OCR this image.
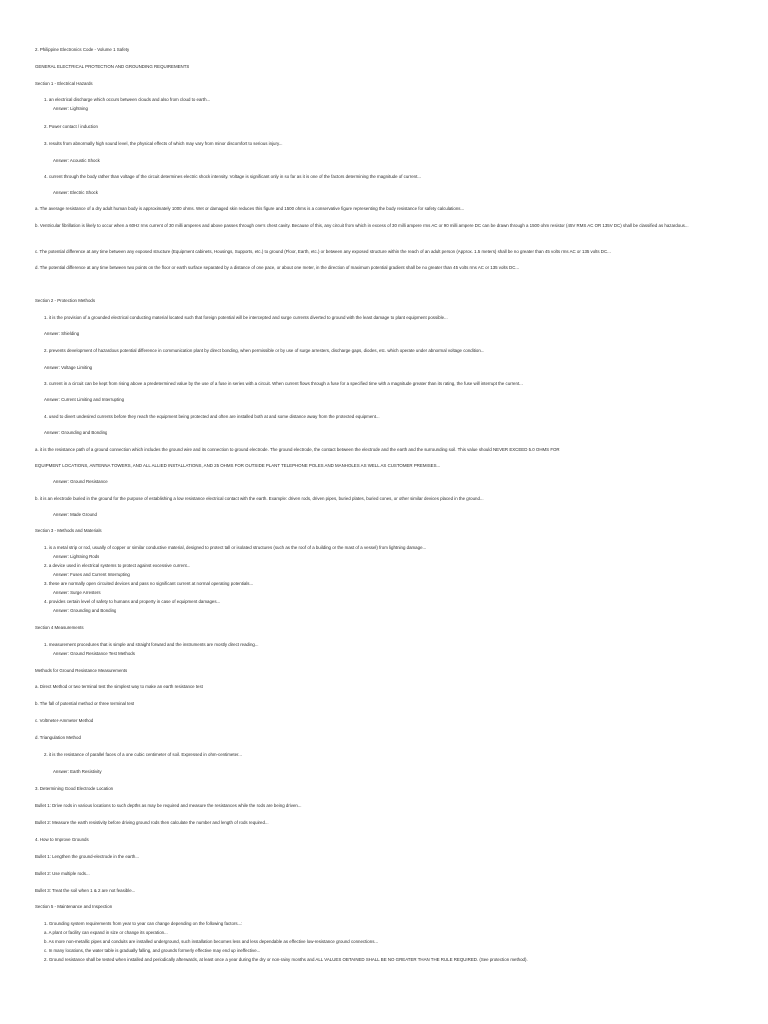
2. Philippine Electronics Code - Volume 1 Safety
GENERAL ELECTRICAL PROTECTION AND GROUNDING REQUIREMENTS
Section 1 - Electrical Hazards
1. an electrical discharge which occurs between clouds and also from cloud to earth...
Answer: Lightning
2. Power contact / induction
3. results from abnormally high sound level, the physical effects of which may vary from minor discomfort to serious injury...
Answer: Acoustic Shock
4. current through the body rather than voltage of the circuit determines electric shock intensity. Voltage is significant only in so far as it is one of the factors determining the magnitude of current...
Answer: Electric Shock
a. The average resistance of a dry adult human body is approximately 1000 ohms. Wet or damaged skin reduces this figure and 1500 ohms is a conservative figure representing the body resistance for safety calculations...
b. Ventricular fibrillation is likely to occur when a 60Hz rms current of 30 milli amperes and above passes through one's chest cavity. Because of this, any circuit from which in excess of 30 milli ampere rms AC or 90 milli ampere DC can be drawn through a 1500 ohm resistor (45V RMS AC OR 135V DC) shall be classified as hazardous...
c. The potential difference at any time between any exposed structure (Equipment cabinets, Housings, Supports, etc.) to ground (Floor, Earth, etc.) or between any exposed structure within the reach of an adult person (Approx. 1.5 meters) shall be no greater than 45 volts rms AC or 135 volts DC...
d. The potential difference at any time between two points on the floor or earth surface separated by a distance of one pace, or about one meter, in the direction of maximum potential gradient shall be no greater than 45 volts rms AC or 135 volts DC...
Section 2 - Protection Methods
1. it is the provision of a grounded electrical conducting material located such that foreign potential will be intercepted and surge currents diverted to ground with the least damage to plant equipment possible...
Answer: Shielding
2. prevents development of hazardous potential difference in communication plant by direct bonding, when permissible or by use of surge arresters, discharge gaps, diodes, etc. which operate under abnormal voltage condition...
Answer: Voltage Limiting
3. current in a circuit can be kept from rising above a predetermined value by the use of a fuse in series with a circuit. When current flows through a fuse for a specified time with a magnitude greater than its rating, the fuse will interrupt the current...
Answer: Current Limiting and Interrupting
4. used to divert undesired currents before they reach the equipment being protected and often are installed both at and some distance away from the protected equipment...
Answer: Grounding and Bonding
a. it is the resistance path of a ground connection which includes the ground wire and its connection to ground electrode. The ground electrode, the contact between the electrode and the earth and the surrounding soil. This value should NEVER EXCEED 5.0 OHMS FOR
EQUIPMENT LOCATIONS, ANTENNA TOWERS, AND ALL ALLIED INSTALLATIONS, AND 25 OHMS FOR OUTSIDE PLANT TELEPHONE POLES AND MANHOLES AS WELL AS CUSTOMER PREMISES...
Answer: Ground Resistance
b. it is an electrode buried in the ground for the purpose of establishing a low resistance electrical contact with the earth. Example: driven rods, driven pipes, buried plates, buried cones, or other similar devices placed in the ground...
Answer: Made Ground
Section 3 - Methods and Materials
1. is a metal strip or rod, usually of copper or similar conductive material, designed to protect tall or isolated structures (such as the roof of a building or the mast of a vessel) from lightning damage...
Answer: Lightning Rods
2. a device used in electrical systems to protect against excessive current...
Answer: Fuses and Current Interrupting
3. these are normally open circuited devices and pass no significant current at normal operating potentials...
Answer: Surge Arresters
4. provides certain level of safety to humans and property in case of equipment damages...
Answer: Grounding and Bonding
Section 4 Measurements
1. measurement procedures that is simple and straight forward and the instruments are mostly direct reading...
Answer: Ground Resistance Test Methods
Methods for Ground Resistance Measurements
a. Direct Method or two terminal test the simplest way to make an earth resistance test
b. The fall of potential method or three terminal test
c. Voltmeter-Ammeter Method
d. Triangulation Method
2. it is the resistance of parallel faces of a one cubic centimeter of soil. Expressed in ohm-centimeter...
Answer: Earth Resistivity
3. Determining Good Electrode Location
Bullet 1: Drive rods in various locations to such depths as may be required and measure the resistances while the rods are being driven...
Bullet 2: Measure the earth resistivity before driving ground rods then calculate the number and length of rods required...
4. How to Improve Grounds
Bullet 1: Lengthen the ground-electrode in the earth...
Bullet 2: Use multiple rods...
Bullet 3: Treat the soil when 1 & 2 are not feasible...
Section 5 - Maintenance and Inspection
1. Grounding system requirements from year to year can change depending on the following factors...:
a. A plant or facility can expand in size or change its operation...
b. As more non-metallic pipes and conduits are installed underground, such installation becomes less and less dependable as effective low-resistance ground connections...
c. In many locations, the water table is gradually falling, and grounds formerly effective may end up ineffective...
2. Ground resistance shall be tested when installed and periodically afterwards, at least once a year during the dry or non-rainy months and ALL VALUES OBTAINED SHALL BE NO GREATER THAN THE RULE REQUIRED. (See protection method).
